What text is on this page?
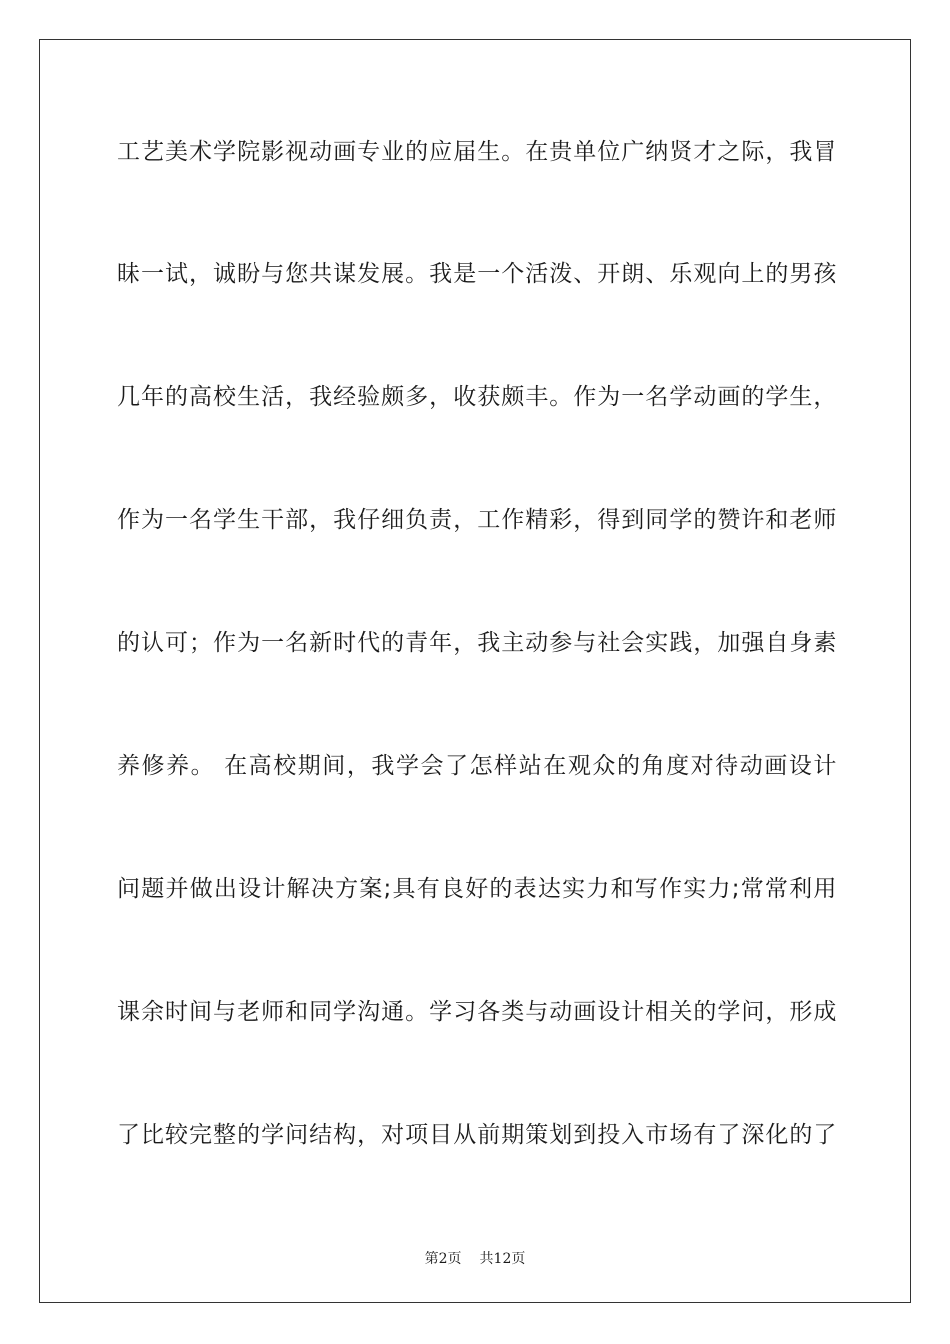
工艺美术学院影视动画专业的应届生。在贵单位广纳贤才之际，我冒
昧一试，诚盼与您共谋发展。我是一个活泼、开朗、乐观向上的男孩
几年的高校生活，我经验颇多，收获颇丰。作为一名学动画的学生，
作为一名学生干部，我仔细负责，工作精彩，得到同学的赞许和老师
的认可；作为一名新时代的青年，我主动参与社会实践，加强自身素
养修养。 在高校期间，我学会了怎样站在观众的角度对待动画设计
问题并做出设计解决方案;具有良好的表达实力和写作实力;常常利用
课余时间与老师和同学沟通。学习各类与动画设计相关的学问，形成
了比较完整的学问结构，对项目从前期策划到投入市场有了深化的了
第2页 共12页
